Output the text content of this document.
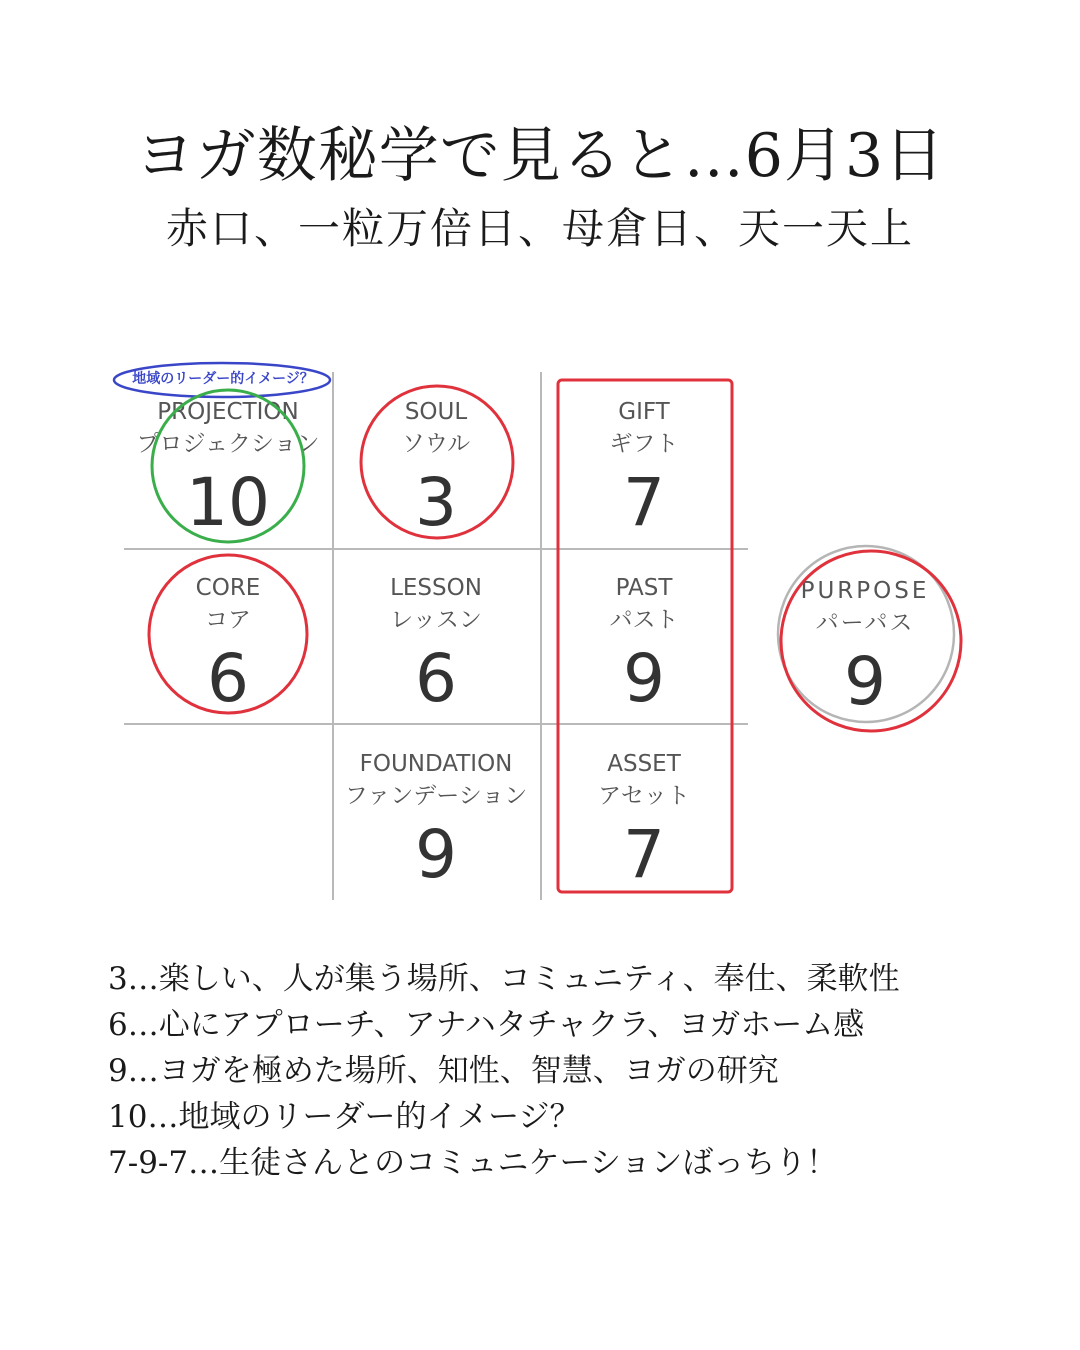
ヨガ数秘学で見ると…6月3日
赤口、一粒万倍日、母倉日、天一天上
PROJECTION
プロジェクション
10
SOUL
ソウル
3
GIFT
ギフト
7
CORE
コア
6
LESSON
レッスン
6
PAST
パスト
9
FOUNDATION
ファンデーション
9
ASSET
アセット
7
PURPOSE
パーパス
9
地域のリーダー的イメージ？
3…楽しい、人が集う場所、コミュニティ、奉仕、柔軟性
6…心にアプローチ、アナハタチャクラ、ヨガホーム感
9…ヨガを極めた場所、知性、智慧、ヨガの研究
10…地域のリーダー的イメージ？
7-9-7…生徒さんとのコミュニケーションばっちり！
